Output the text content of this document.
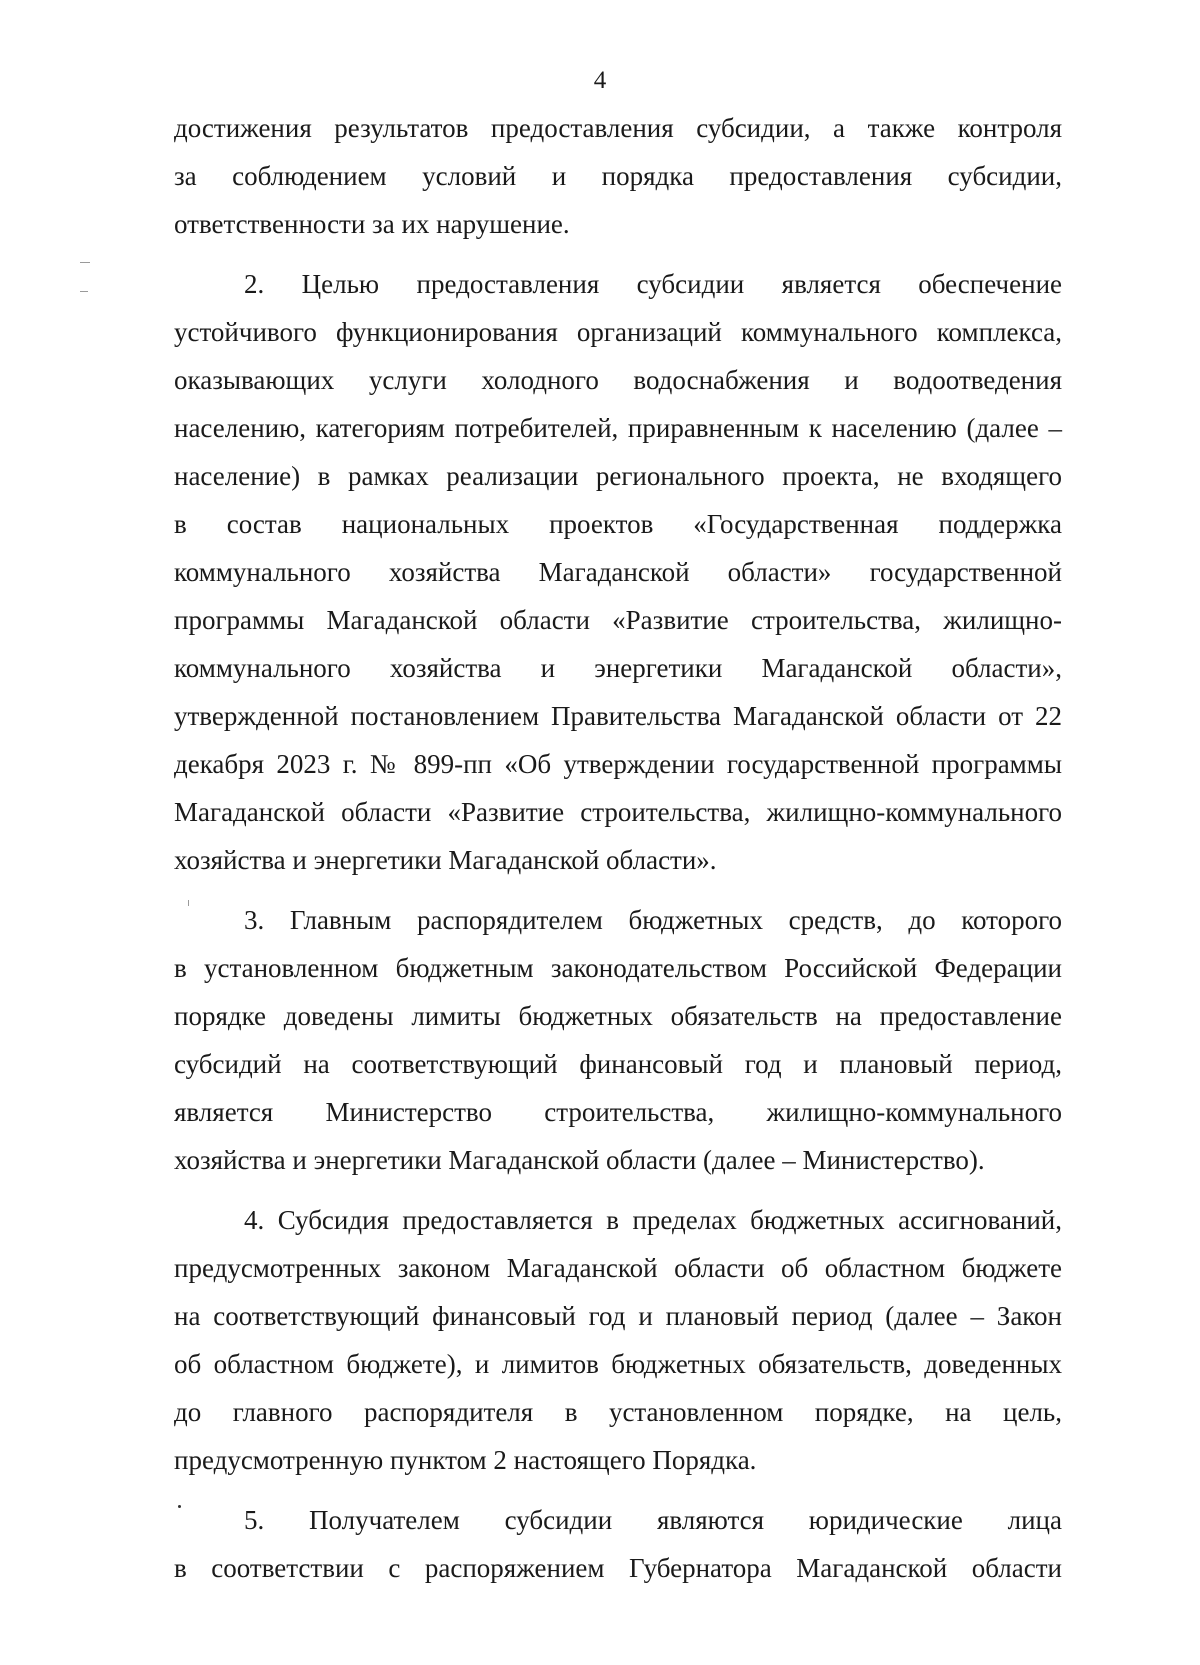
4
достижения результатов предоставления субсидии, а также контроля
за соблюдением условий и порядка предоставления субсидии,
ответственности за их нарушение.
2. Целью предоставления субсидии является обеспечение
устойчивого функционирования организаций коммунального комплекса,
оказывающих услуги холодного водоснабжения и водоотведения
населению, категориям потребителей, приравненным к населению (далее –
население) в рамках реализации регионального проекта, не входящего
в состав национальных проектов «Государственная поддержка
коммунального хозяйства Магаданской области» государственной
программы Магаданской области «Развитие строительства, жилищно-
коммунального хозяйства и энергетики Магаданской области»,
утвержденной постановлением Правительства Магаданской области от 22
декабря 2023 г. № 899-пп «Об утверждении государственной программы
Магаданской области «Развитие строительства, жилищно-коммунального
хозяйства и энергетики Магаданской области».
3. Главным распорядителем бюджетных средств, до которого
в установленном бюджетным законодательством Российской Федерации
порядке доведены лимиты бюджетных обязательств на предоставление
субсидий на соответствующий финансовый год и плановый период,
является Министерство строительства, жилищно-коммунального
хозяйства и энергетики Магаданской области (далее – Министерство).
4. Субсидия предоставляется в пределах бюджетных ассигнований,
предусмотренных законом Магаданской области об областном бюджете
на соответствующий финансовый год и плановый период (далее – Закон
об областном бюджете), и лимитов бюджетных обязательств, доведенных
до главного распорядителя в установленном порядке, на цель,
предусмотренную пунктом 2 настоящего Порядка.
5. Получателем субсидии являются юридические лица
в соответствии с распоряжением Губернатора Магаданской области
